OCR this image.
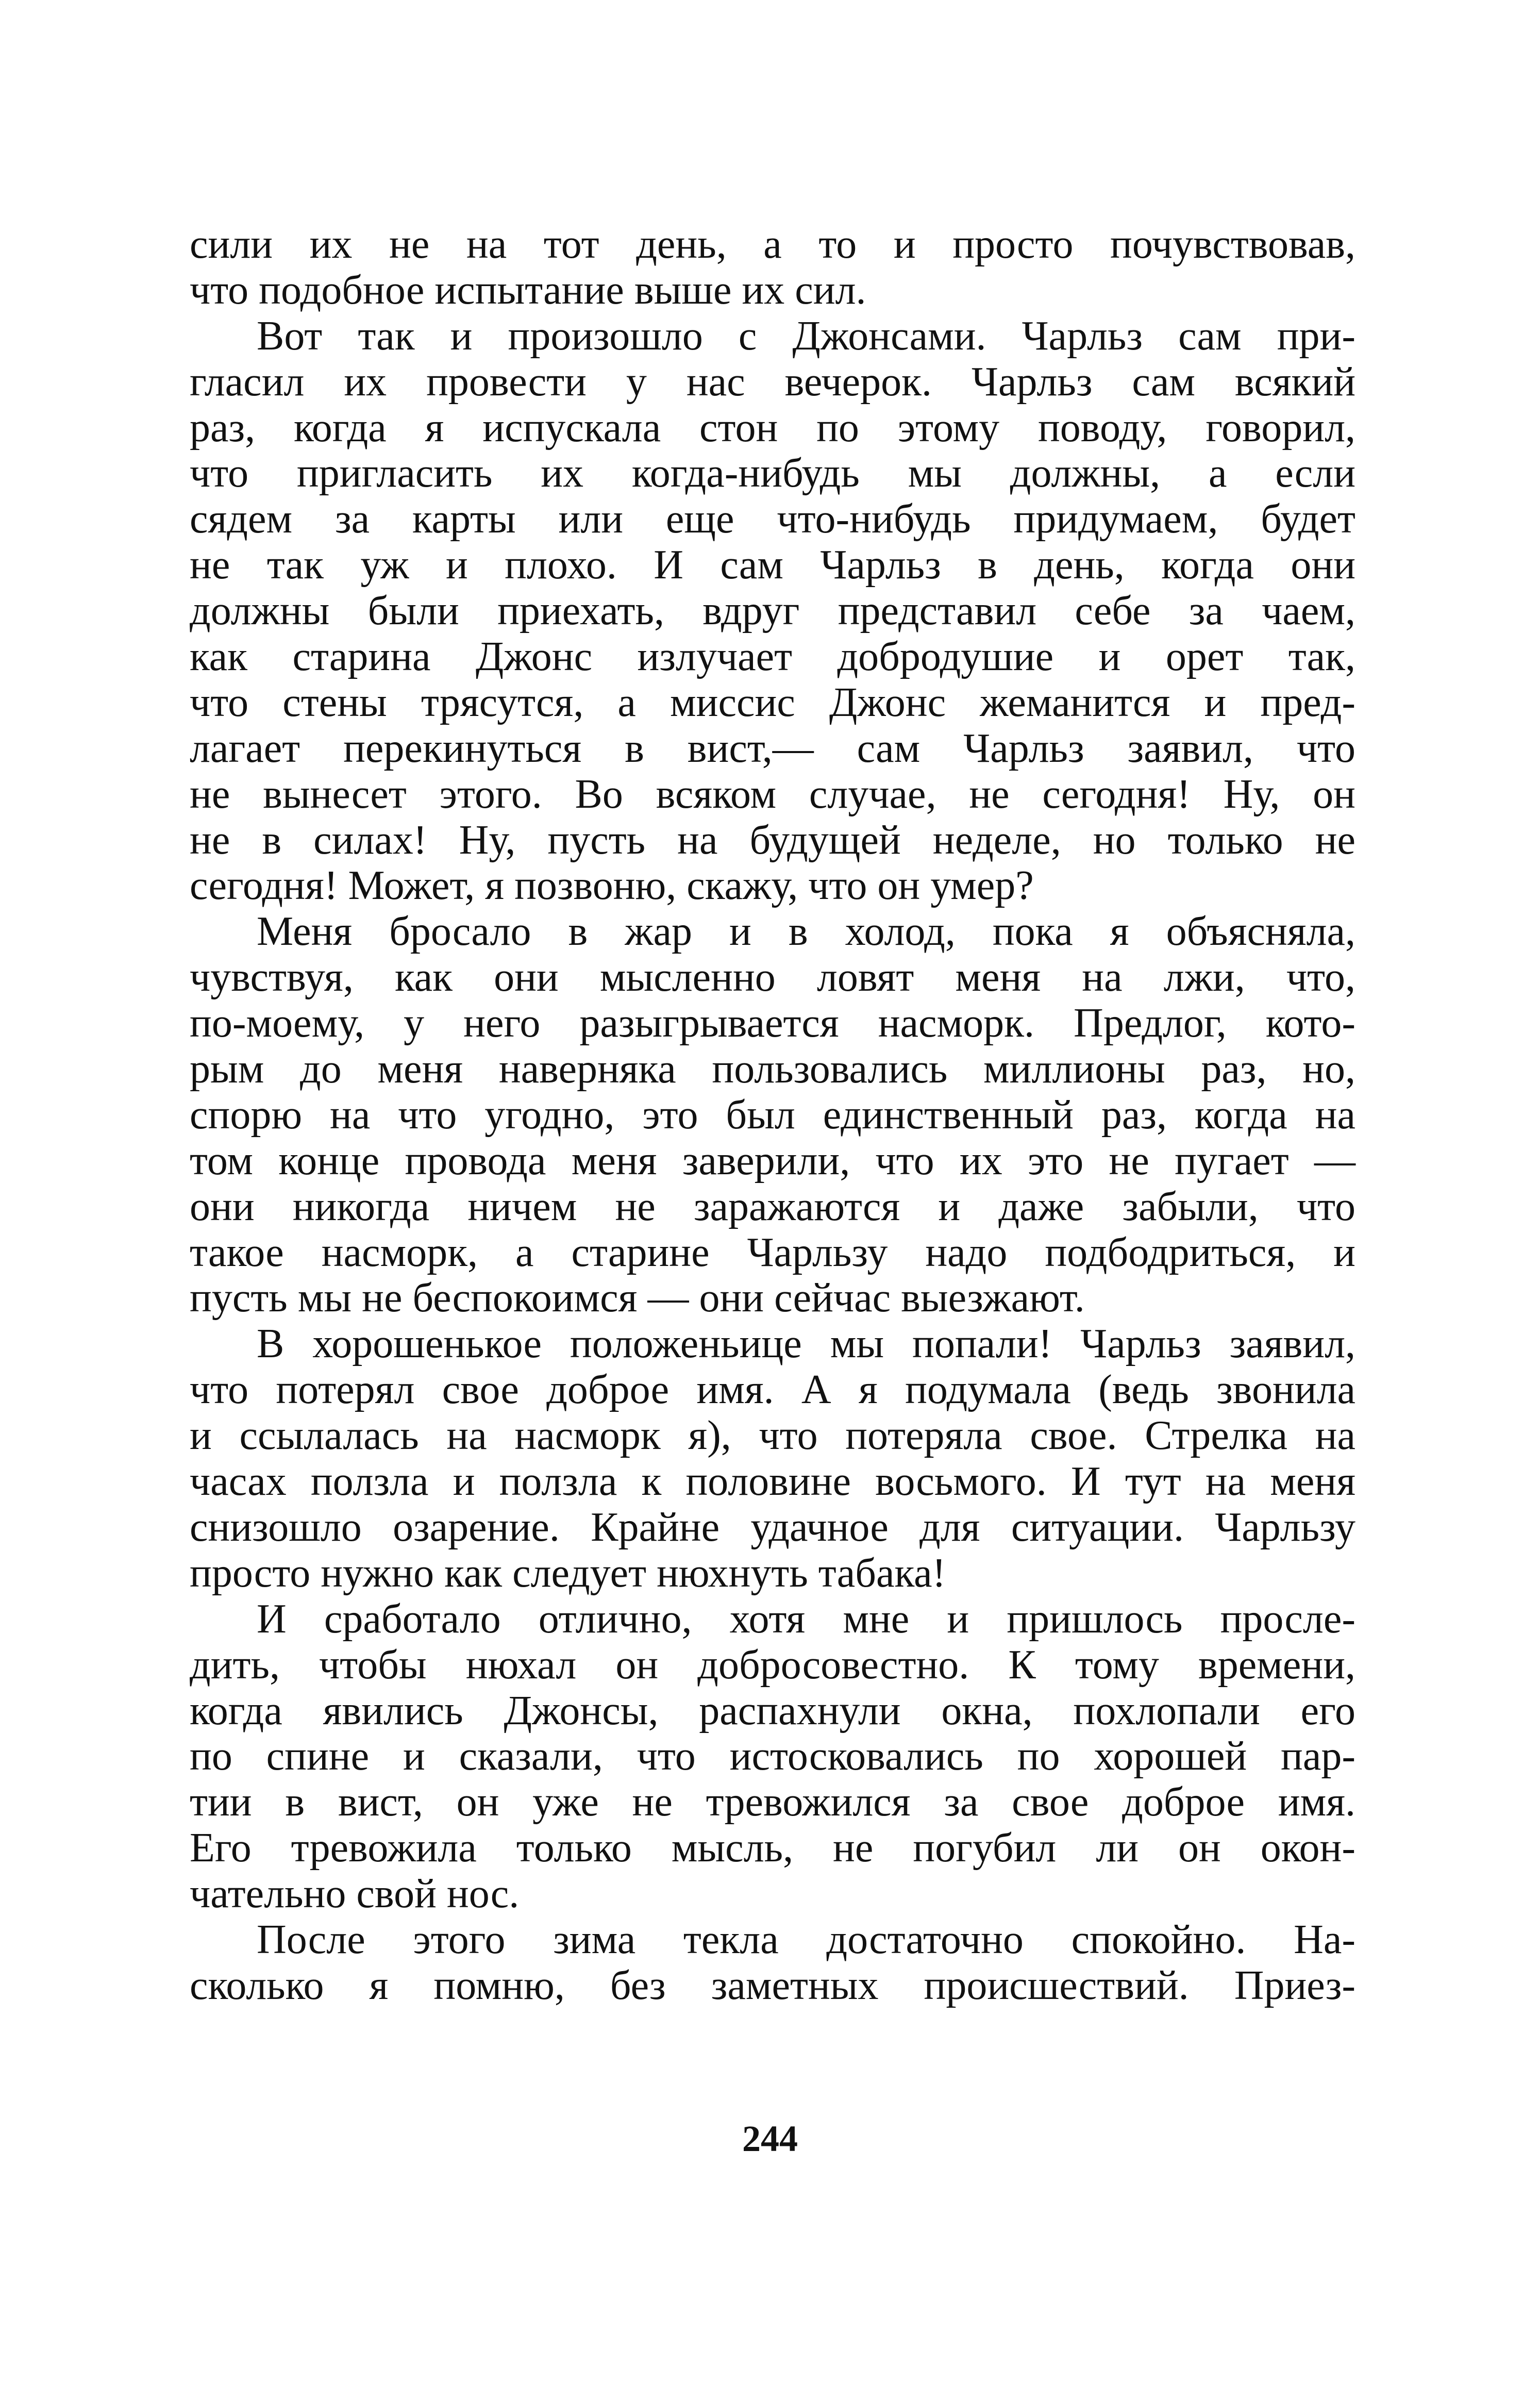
сили их не на тот день, а то и просто почувствовав,
что подобное испытание выше их сил.
Вот так и произошло с Джонсами. Чарльз сам при-
гласил их провести у нас вечерок. Чарльз сам всякий
раз, когда я испускала стон по этому поводу, говорил,
что пригласить их когда-нибудь мы должны, а если
сядем за карты или еще что-нибудь придумаем, будет
не так уж и плохо. И сам Чарльз в день, когда они
должны были приехать, вдруг представил себе за чаем,
как старина Джонс излучает добродушие и орет так,
что стены трясутся, а миссис Джонс жеманится и пред-
лагает перекинуться в вист,— сам Чарльз заявил, что
не вынесет этого. Во всяком случае, не сегодня! Ну, он
не в силах! Ну, пусть на будущей неделе, но только не
сегодня! Может, я позвоню, скажу, что он умер?
Меня бросало в жар и в холод, пока я объясняла,
чувствуя, как они мысленно ловят меня на лжи, что,
по-моему, у него разыгрывается насморк. Предлог, кото-
рым до меня наверняка пользовались миллионы раз, но,
спорю на что угодно, это был единственный раз, когда на
том конце провода меня заверили, что их это не пугает —
они никогда ничем не заражаются и даже забыли, что
такое насморк, а старине Чарльзу надо подбодриться, и
пусть мы не беспокоимся — они сейчас выезжают.
В хорошенькое положеньице мы попали! Чарльз заявил,
что потерял свое доброе имя. А я подумала (ведь звонила
и ссылалась на насморк я), что потеряла свое. Стрелка на
часах ползла и ползла к половине восьмого. И тут на меня
снизошло озарение. Крайне удачное для ситуации. Чарльзу
просто нужно как следует нюхнуть табака!
И сработало отлично, хотя мне и пришлось просле-
дить, чтобы нюхал он добросовестно. К тому времени,
когда явились Джонсы, распахнули окна, похлопали его
по спине и сказали, что истосковались по хорошей пар-
тии в вист, он уже не тревожился за свое доброе имя.
Его тревожила только мысль, не погубил ли он окон-
чательно свой нос.
После этого зима текла достаточно спокойно. На-
сколько я помню, без заметных происшествий. Приез-
244
